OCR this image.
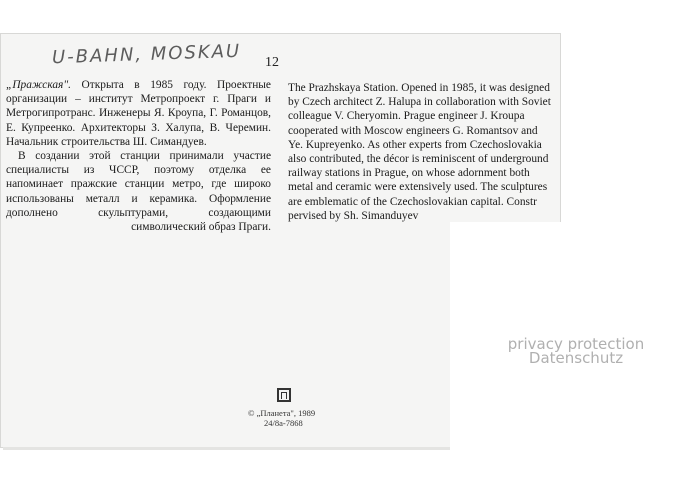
U-BAHN, MOSKAU 12

„Пражская". Открыта в 1985 году. Проектные организации – институт Метропроект г. Праги и Метрогипротранс. Инженеры Я. Кроупа, Г. Романцов, Е. Купреенко. Архитекторы З. Халупа, В. Черемин. Начальник строительства Ш. Симандуев.

В создании этой станции принимали участие специалисты из ЧССР, поэтому отделка ее напоминает пражские станции метро, где широко использованы металл и керамика. Оформление дополнено скульптурами, создающими символический образ Праги.

The Prazhskaya Station. Opened in 1985, it was designed by Czech architect Z. Halupa in collaboration with Soviet colleague V. Cheryomin. Prague engineer J. Kroupa cooperated with Moscow engineers G. Romantsov and Ye. Kupreyenko. As other experts from Czechoslovakia also contributed, the décor is reminiscent of underground railway stations in Prague, on whose adornment both metal and ceramic were extensively used. The sculptures are emblematic of the Czechoslovakian capital. Constr

pervised by Sh. Simanduyev

© „Планета", 1989
24/8а-7868
privacy protection
Datenschutz
